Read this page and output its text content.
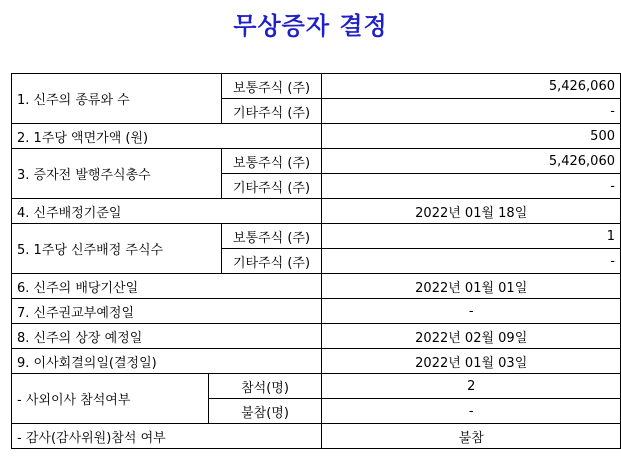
무상증자 결정
1. 신주의 종류와 수		보통주식 (주)	5,426,060
		기타주식 (주)	-
2. 1주당 액면가액 (원)			500
3. 증자전 발행주식총수		보통주식 (주)	5,426,060
		기타주식 (주)	-
4. 신주배정기준일			2022년 01월 18일
5. 1주당 신주배정 주식수		보통주식 (주)	1
		기타주식 (주)	-
6. 신주의 배당기산일			2022년 01월 01일
7. 신주권교부예정일			-
8. 신주의 상장 예정일			2022년 02월 09일
9. 이사회결의일(결정일)			2022년 01월 03일
- 사외이사 참석여부	참석(명)		2
	불참(명)		-
- 감사(감사위원)참석 여부			불참
